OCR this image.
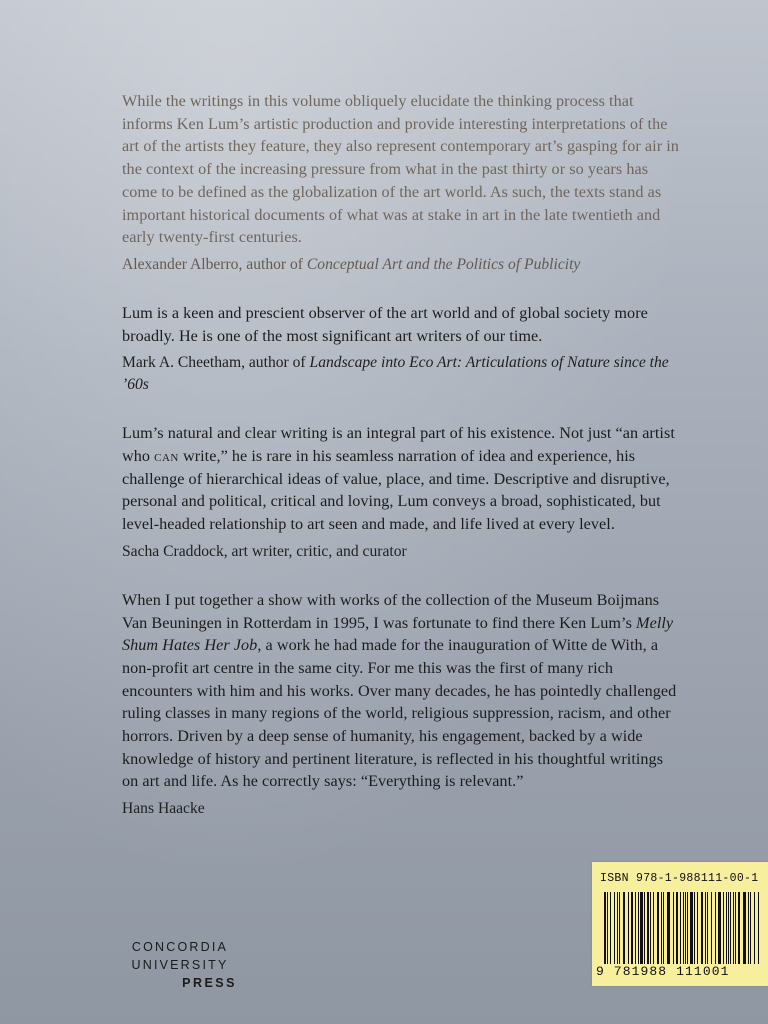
While the writings in this volume obliquely elucidate the thinking process that informs Ken Lum’s artistic production and provide interesting interpretations of the art of the artists they feature, they also represent contemporary art’s gasping for air in the context of the increasing pressure from what in the past thirty or so years has come to be defined as the globalization of the art world. As such, the texts stand as important historical documents of what was at stake in art in the late twentieth and early twenty-first centuries.

Alexander Alberro, author of Conceptual Art and the Politics of Publicity

Lum is a keen and prescient observer of the art world and of global society more broadly. He is one of the most significant art writers of our time.

Mark A. Cheetham, author of Landscape into Eco Art: Articulations of Nature since the ’60s

Lum’s natural and clear writing is an integral part of his existence. Not just “an artist who can write,” he is rare in his seamless narration of idea and experience, his challenge of hierarchical ideas of value, place, and time. Descriptive and disruptive, personal and political, critical and loving, Lum conveys a broad, sophisticated, but level-headed relationship to art seen and made, and life lived at every level.

Sacha Craddock, art writer, critic, and curator

When I put together a show with works of the collection of the Museum Boijmans Van Beuningen in Rotterdam in 1995, I was fortunate to find there Ken Lum’s Melly Shum Hates Her Job, a work he had made for the inauguration of Witte de With, a non-profit art centre in the same city. For me this was the first of many rich encounters with him and his works. Over many decades, he has pointedly challenged ruling classes in many regions of the world, religious suppression, racism, and other horrors. Driven by a deep sense of humanity, his engagement, backed by a wide knowledge of history and pertinent literature, is reflected in his thoughtful writings on art and life. As he correctly says: “Everything is relevant.”

Hans Haacke

CONCORDIA
UNIVERSITY
PRESS
ISBN 978-1-988111-00-1
9 781988 111001
